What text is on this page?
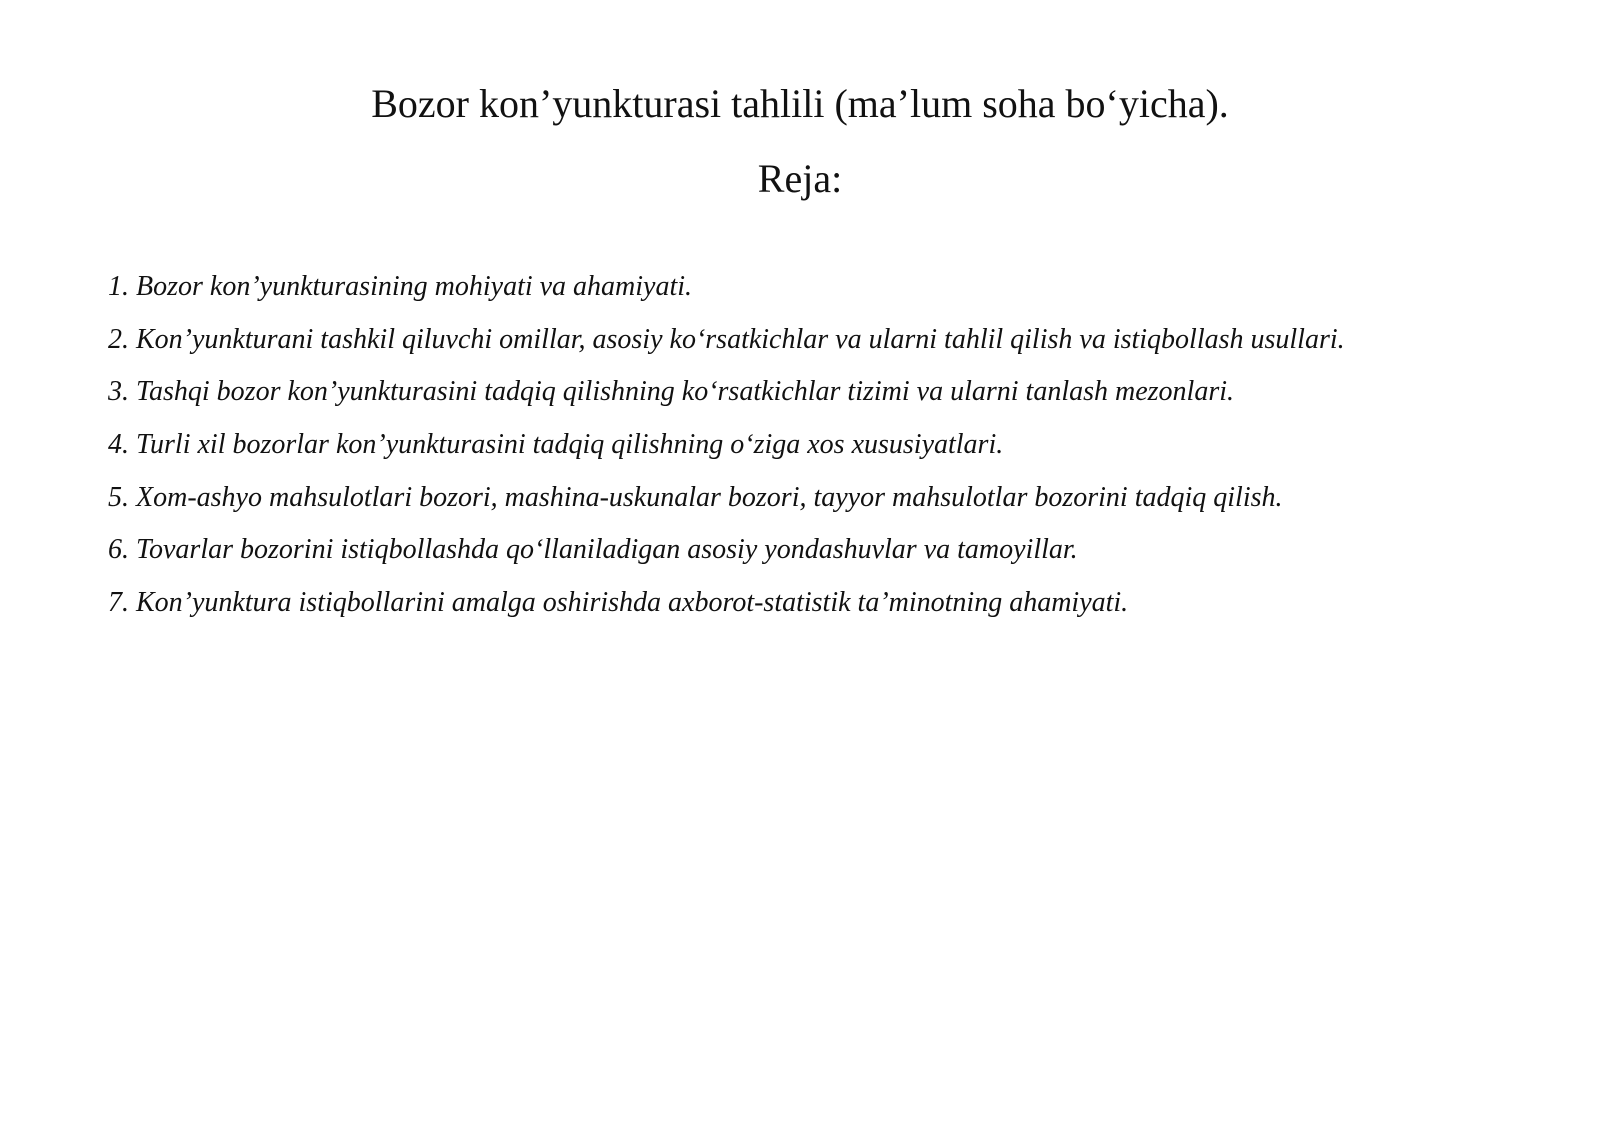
Bozor kon’yunkturasi tahlili (ma’lum soha bo‘yicha).
Reja:
1. Bozor kon’yunkturasining mohiyati va ahamiyati.
2. Kon’yunkturani tashkil qiluvchi omillar, asosiy ko‘rsatkichlar va ularni tahlil qilish va istiqbollash usullari.
3. Tashqi bozor kon’yunkturasini tadqiq qilishning ko‘rsatkichlar tizimi va ularni tanlash mezonlari.
4. Turli xil bozorlar kon’yunkturasini tadqiq qilishning o‘ziga xos xususiyatlari.
5. Xom-ashyo mahsulotlari bozori, mashina-uskunalar bozori, tayyor mahsulotlar bozorini tadqiq qilish.
6. Tovarlar bozorini istiqbollashda qo‘llaniladigan asosiy yondashuvlar va tamoyillar.
7. Kon’yunktura istiqbollarini amalga oshirishda axborot-statistik ta’minotning ahamiyati.
